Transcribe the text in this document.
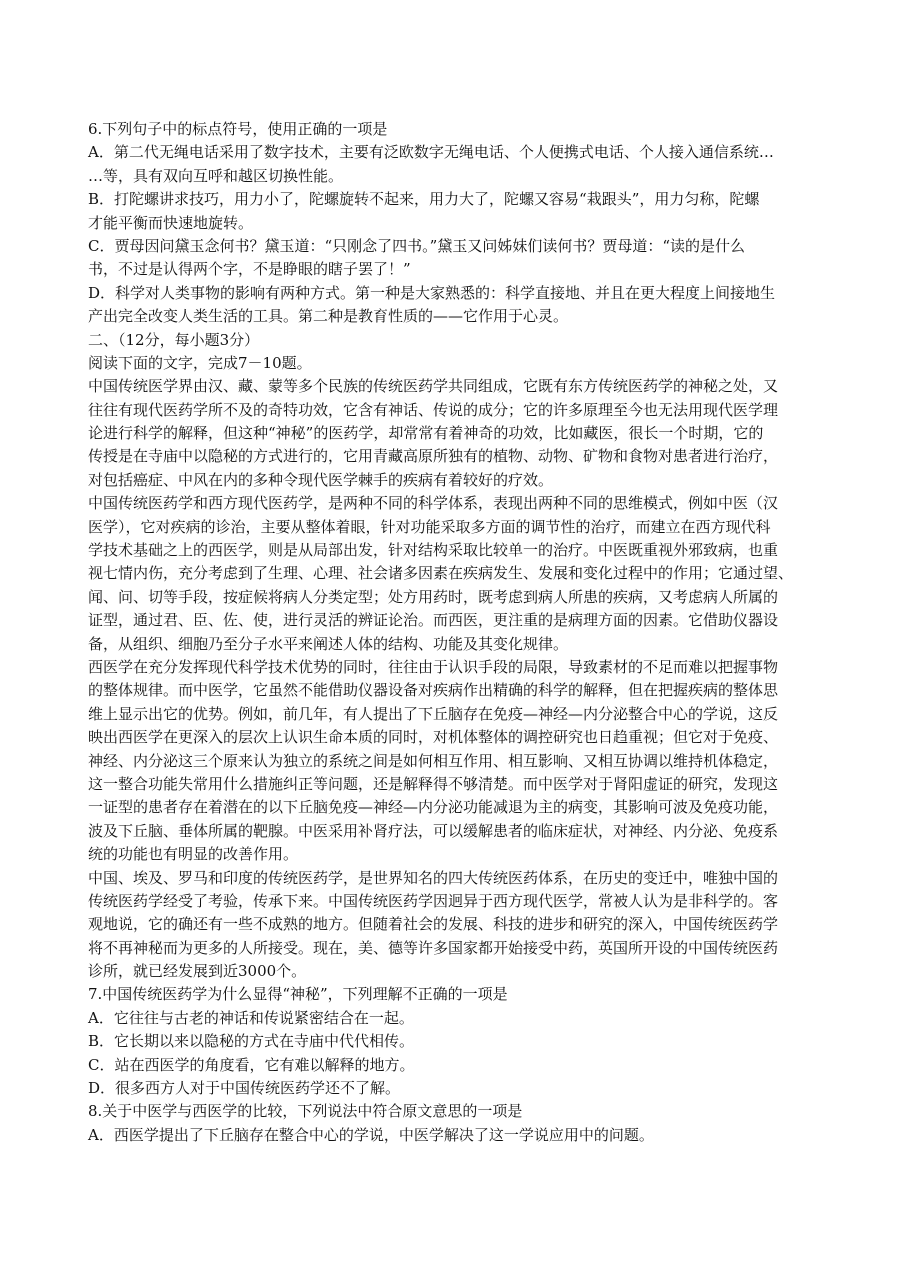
6.下列句子中的标点符号，使用正确的一项是
A．第二代无绳电话采用了数字技术，主要有泛欧数字无绳电话、个人便携式电话、个人接入通信系统…
…等，具有双向互呼和越区切换性能。
B．打陀螺讲求技巧，用力小了，陀螺旋转不起来，用力大了，陀螺又容易“栽跟头”，用力匀称，陀螺
才能平衡而快速地旋转。
C．贾母因问黛玉念何书？黛玉道：“只刚念了四书。”黛玉又问姊妹们读何书？贾母道：“读的是什么
书，不过是认得两个字，不是睁眼的瞎子罢了！”
D．科学对人类事物的影响有两种方式。第一种是大家熟悉的：科学直接地、并且在更大程度上间接地生
产出完全改变人类生活的工具。第二种是教育性质的——它作用于心灵。
二、（12分，每小题3分）
阅读下面的文字，完成7－10题。
中国传统医学界由汉、藏、蒙等多个民族的传统医药学共同组成，它既有东方传统医药学的神秘之处，又
往往有现代医药学所不及的奇特功效，它含有神话、传说的成分；它的许多原理至今也无法用现代医学理
论进行科学的解释，但这种“神秘”的医药学，却常常有着神奇的功效，比如藏医，很长一个时期，它的
传授是在寺庙中以隐秘的方式进行的，它用青藏高原所独有的植物、动物、矿物和食物对患者进行治疗，
对包括癌症、中风在内的多种令现代医学棘手的疾病有着较好的疗效。
中国传统医药学和西方现代医药学，是两种不同的科学体系，表现出两种不同的思维模式，例如中医（汉
医学），它对疾病的诊治，主要从整体着眼，针对功能采取多方面的调节性的治疗，而建立在西方现代科
学技术基础之上的西医学，则是从局部出发，针对结构采取比较单一的治疗。中医既重视外邪致病，也重
视七情内伤，充分考虑到了生理、心理、社会诸多因素在疾病发生、发展和变化过程中的作用；它通过望、
闻、问、切等手段，按症候将病人分类定型；处方用药时，既考虑到病人所患的疾病，又考虑病人所属的
证型，通过君、臣、佐、使，进行灵活的辨证论治。而西医，更注重的是病理方面的因素。它借助仪器设
备，从组织、细胞乃至分子水平来阐述人体的结构、功能及其变化规律。
西医学在充分发挥现代科学技术优势的同时，往往由于认识手段的局限，导致素材的不足而难以把握事物
的整体规律。而中医学，它虽然不能借助仪器设备对疾病作出精确的科学的解释，但在把握疾病的整体思
维上显示出它的优势。例如，前几年，有人提出了下丘脑存在免疫—神经—内分泌整合中心的学说，这反
映出西医学在更深入的层次上认识生命本质的同时，对机体整体的调控研究也日趋重视；但它对于免疫、
神经、内分泌这三个原来认为独立的系统之间是如何相互作用、相互影响、又相互协调以维持机体稳定，
这一整合功能失常用什么措施纠正等问题，还是解释得不够清楚。而中医学对于肾阳虚证的研究，发现这
一证型的患者存在着潜在的以下丘脑免疫—神经—内分泌功能减退为主的病变，其影响可波及免疫功能，
波及下丘脑、垂体所属的靶腺。中医采用补肾疗法，可以缓解患者的临床症状，对神经、内分泌、免疫系
统的功能也有明显的改善作用。
中国、埃及、罗马和印度的传统医药学，是世界知名的四大传统医药体系，在历史的变迁中，唯独中国的
传统医药学经受了考验，传承下来。中国传统医药学因迥异于西方现代医学，常被人认为是非科学的。客
观地说，它的确还有一些不成熟的地方。但随着社会的发展、科技的进步和研究的深入，中国传统医药学
将不再神秘而为更多的人所接受。现在，美、德等许多国家都开始接受中药，英国所开设的中国传统医药
诊所，就已经发展到近3000个。
7.中国传统医药学为什么显得“神秘”，下列理解不正确的一项是
A．它往往与古老的神话和传说紧密结合在一起。
B．它长期以来以隐秘的方式在寺庙中代代相传。
C．站在西医学的角度看，它有难以解释的地方。
D．很多西方人对于中国传统医药学还不了解。
8.关于中医学与西医学的比较，下列说法中符合原文意思的一项是
A．西医学提出了下丘脑存在整合中心的学说，中医学解决了这一学说应用中的问题。
